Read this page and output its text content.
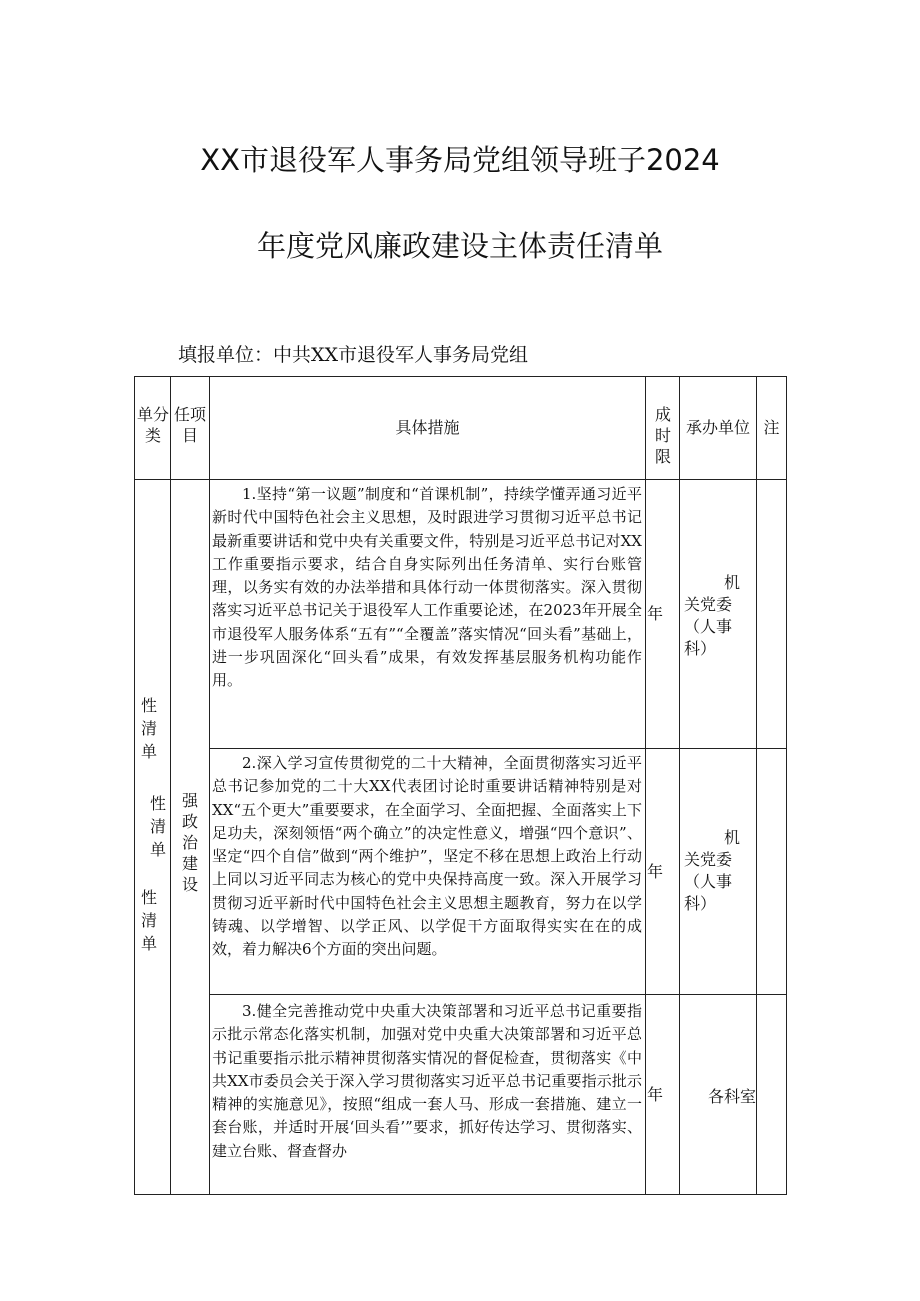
XX市退役军人事务局党组领导班子2024
年度党风廉政建设主体责任清单
填报单位：中共XX市退役军人事务局党组
单分类
任项目	具体措施
成时限
承办单位 注
性清单
性清单
性清单
强政治建设
1.坚持“第一议题”制度和“首课机制”，持续学懂弄通习近平新时代中国特色社会主义思想，及时跟进学习贯彻习近平总书记最新重要讲话和党中央有关重要文件，特别是习近平总书记对XX工作重要指示要求，结合自身实际列出任务清单、实行台账管理，以务实有效的办法举措和具体行动一体贯彻落实。深入贯彻落实习近平总书记关于退役军人工作重要论述，在2023年开展全市退役军人服务体系“五有”“全覆盖”落实情况“回头看”基础上，进一步巩固深化“回头看”成果，有效发挥基层服务机构功能作用。
年
机关党委（人事科）
2.深入学习宣传贯彻党的二十大精神，全面贯彻落实习近平总书记参加党的二十大XX代表团讨论时重要讲话精神特别是对XX“五个更大”重要要求，在全面学习、全面把握、全面落实上下足功夫，深刻领悟“两个确立”的决定性意义，增强“四个意识”、坚定“四个自信”做到“两个维护”，坚定不移在思想上政治上行动上同以习近平同志为核心的党中央保持高度一致。深入开展学习贯彻习近平新时代中国特色社会主义思想主题教育，努力在以学铸魂、以学增智、以学正风、以学促干方面取得实实在在的成效，着力解决6个方面的突出问题。
年
机关党委（人事科）
3.健全完善推动党中央重大决策部署和习近平总书记重要指示批示常态化落实机制，加强对党中央重大决策部署和习近平总书记重要指示批示精神贯彻落实情况的督促检查，贯彻落实《中共XX市委员会关于深入学习贯彻落实习近平总书记重要指示批示精神的实施意见》，按照“组成一套人马、形成一套措施、建立一套台账，并适时开展‘回头看’”要求，抓好传达学习、贯彻落实、建立台账、督查督办
年	各科室
